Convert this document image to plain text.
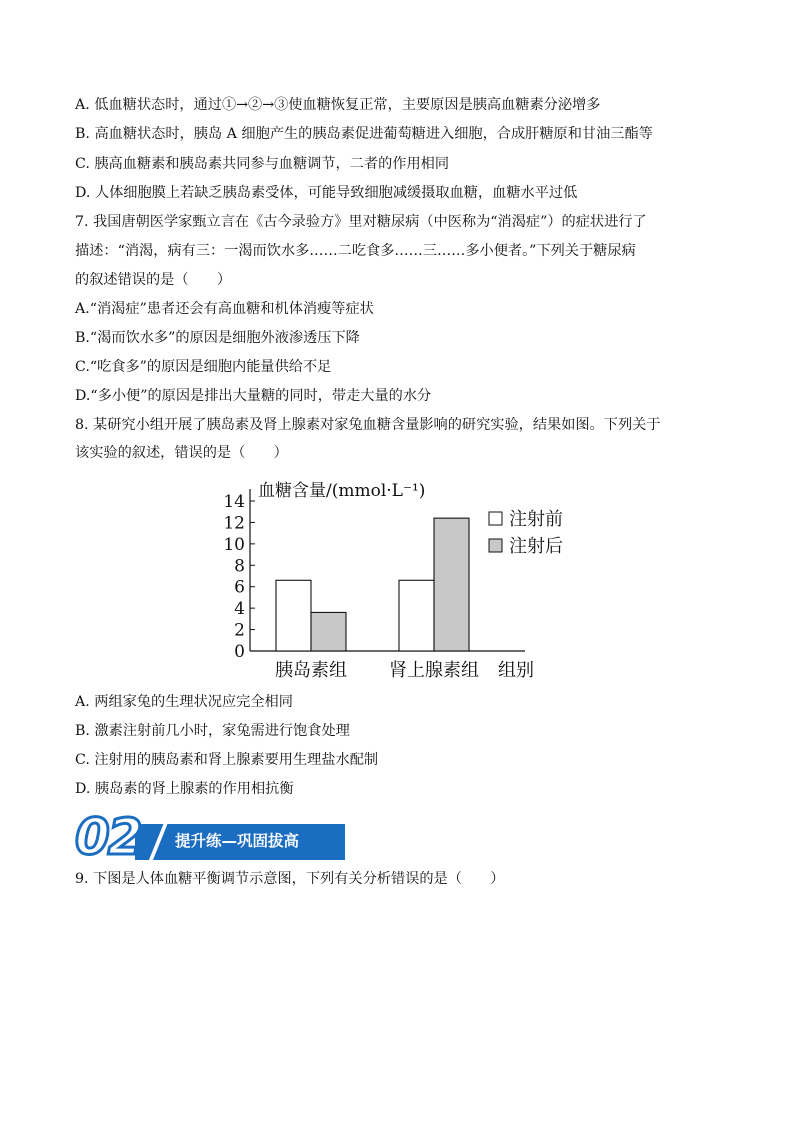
A. 低血糖状态时，通过①→②→③使血糖恢复正常，主要原因是胰高血糖素分泌增多
B. 高血糖状态时，胰岛 A 细胞产生的胰岛素促进葡萄糖进入细胞，合成肝糖原和甘油三酯等
C. 胰高血糖素和胰岛素共同参与血糖调节，二者的作用相同
D. 人体细胞膜上若缺乏胰岛素受体，可能导致细胞减缓摄取血糖，血糖水平过低
7. 我国唐朝医学家甄立言在《古今录验方》里对糖尿病（中医称为“消渴症”）的症状进行了
描述：“消渴，病有三：一渴而饮水多……二吃食多……三……多小便者。”下列关于糖尿病
的叙述错误的是（　　）
A.“消渴症”患者还会有高血糖和机体消瘦等症状
B.“渴而饮水多”的原因是细胞外液渗透压下降
C.“吃食多”的原因是细胞内能量供给不足
D.“多小便”的原因是排出大量糖的同时，带走大量的水分
8. 某研究小组开展了胰岛素及肾上腺素对家兔血糖含量影响的研究实验，结果如图。下列关于
该实验的叙述，错误的是（　　）
0
2
4
6
8
10
12
14
血糖含量/(mmol·L⁻¹)
胰岛素组 肾上腺素组 组别
注射前
注射后
A. 两组家兔的生理状况应完全相同
B. 激素注射前几小时，家兔需进行饱食处理
C. 注射用的胰岛素和肾上腺素要用生理盐水配制
D. 胰岛素的肾上腺素的作用相抗衡
02 提升练—巩固拔高
9. 下图是人体血糖平衡调节示意图，下列有关分析错误的是（　　）
